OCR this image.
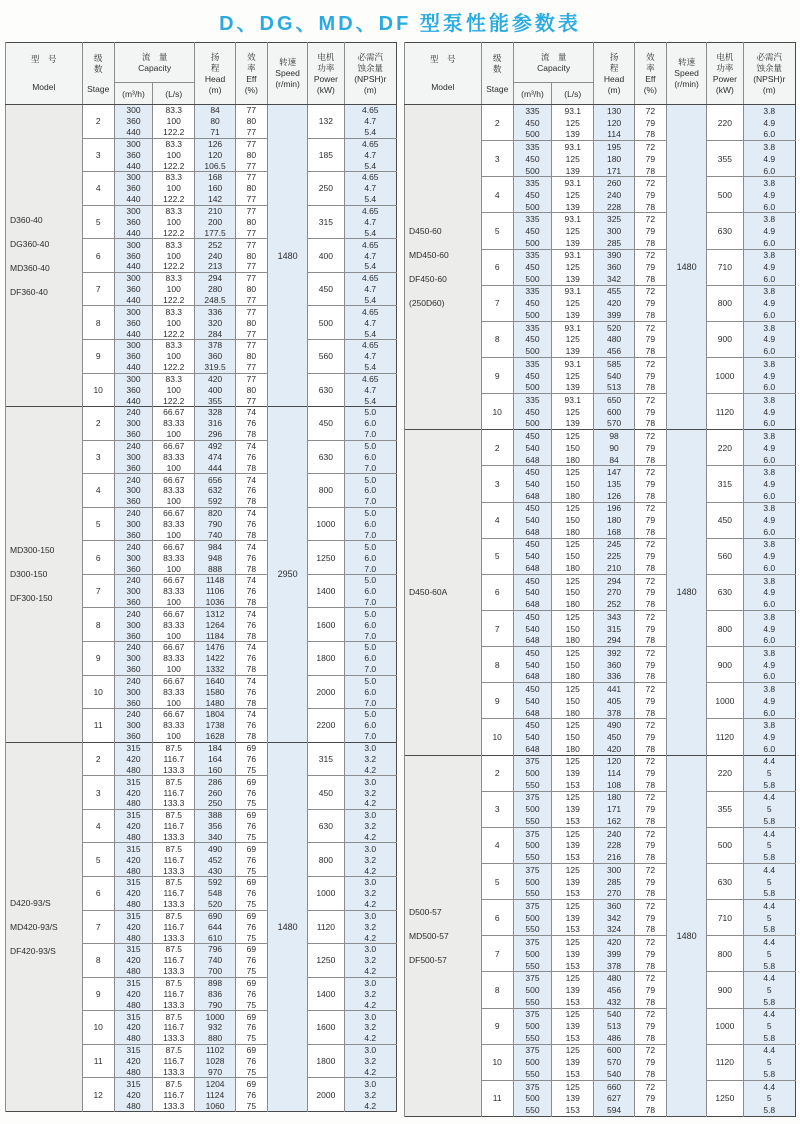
D、DG、MD、DF 型泵性能参数表
型　号
Model

级
数
Stage

流　量
Capacity

扬
程
Head
(m)

效
率
Eff
(%)

转速
Speed
(r/min)

电机
功率
Power
(kW)

必需汽
蚀余量
(NPSH)r
(m)

		(m³/h)	(L/s)					

D360-40
DG360-40
MD360-40
DF360-40	2	300	83.3	84	77	1480	132	4.65
		360	100	80	80			4.7
		440	122.2	71	77			5.4
	3	300	83.3	126	77		185	4.65
		360	100	120	80			4.7
		440	122.2	106.5	77			5.4
	4	300	83.3	168	77		250	4.65
		360	100	160	80			4.7
		440	122.2	142	77			5.4
	5	300	83.3	210	77		315	4.65
		360	100	200	80			4.7
		440	122.2	177.5	77			5.4
	6	300	83.3	252	77		400	4.65
		360	100	240	80			4.7
		440	122.2	213	77			5.4
	7	300	83.3	294	77		450	4.65
		360	100	280	80			4.7
		440	122.2	248.5	77			5.4
	8	300	83.3	336	77		500	4.65
		360	100	320	80			4.7
		440	122.2	284	77			5.4
	9	300	83.3	378	77		560	4.65
		360	100	360	80			4.7
		440	122.2	319.5	77			5.4
	10	300	83.3	420	77		630	4.65
		360	100	400	80			4.7
		440	122.2	355	77			5.4

MD300-150
D300-150
DF300-150	2	240	66.67	328	74	2950	450	5.0
		300	83.33	316	76			6.0
		360	100	296	78			7.0
	3	240	66.67	492	74		630	5.0
		300	83.33	474	76			6.0
		360	100	444	78			7.0
	4	240	66.67	656	74		800	5.0
		300	83.33	632	76			6.0
		360	100	592	78			7.0
	5	240	66.67	820	74		1000	5.0
		300	83.33	790	76			6.0
		360	100	740	78			7.0
	6	240	66.67	984	74		1250	5.0
		300	83.33	948	76			6.0
		360	100	888	78			7.0
	7	240	66.67	1148	74		1400	5.0
		300	83.33	1106	76			6.0
		360	100	1036	78			7.0
	8	240	66.67	1312	74		1600	5.0
		300	83.33	1264	76			6.0
		360	100	1184	78			7.0
	9	240	66.67	1476	74		1800	5.0
		300	83.33	1422	76			6.0
		360	100	1332	78			7.0
	10	240	66.67	1640	74		2000	5.0
		300	83.33	1580	76			6.0
		360	100	1480	78			7.0
	11	240	66.67	1804	74		2200	5.0
		300	83.33	1738	76			6.0
		360	100	1628	78			7.0

D420-93/S
MD420-93/S
DF420-93/S	2	315	87.5	184	69	1480	315	3.0
		420	116.7	164	76			3.2
		480	133.3	160	75			4.2
	3	315	87.5	286	69		450	3.0
		420	116.7	260	76			3.2
		480	133.3	250	75			4.2
	4	315	87.5	388	69		630	3.0
		420	116.7	356	76			3.2
		480	133.3	340	75			4.2
	5	315	87.5	490	69		800	3.0
		420	116.7	452	76			3.2
		480	133.3	430	75			4.2
	6	315	87.5	592	69		1000	3.0
		420	116.7	548	76			3.2
		480	133.3	520	75			4.2
	7	315	87.5	690	69		1120	3.0
		420	116.7	644	76			3.2
		480	133.3	610	75			4.2
	8	315	87.5	796	69		1250	3.0
		420	116.7	740	76			3.2
		480	133.3	700	75			4.2
	9	315	87.5	898	69		1400	3.0
		420	116.7	836	76			3.2
		480	133.3	790	75			4.2
	10	315	87.5	1000	69		1600	3.0
		420	116.7	932	76			3.2
		480	133.3	880	75			4.2
	11	315	87.5	1102	69		1800	3.0
		420	116.7	1028	76			3.2
		480	133.3	970	75			4.2
	12	315	87.5	1204	69		2000	3.0
		420	116.7	1124	76			3.2
		480	133.3	1060	75			4.2
型　号
Model

级
数
Stage

流　量
Capacity

扬
程
Head
(m)

效
率
Eff
(%)

转速
Speed
(r/min)

电机
功率
Power
(kW)

必需汽
蚀余量
(NPSH)r
(m)

		(m³/h)	(L/s)					

D450-60
MD450-60
DF450-60
(250D60)	2	335	93.1	130	72	1480	220	3.8
		450	125	120	79			4.9
		500	139	114	78			6.0
	3	335	93.1	195	72		355	3.8
		450	125	180	79			4.9
		500	139	171	78			6.0
	4	335	93.1	260	72		500	3.8
		450	125	240	79			4.9
		500	139	228	78			6.0
	5	335	93.1	325	72		630	3.8
		450	125	300	79			4.9
		500	139	285	78			6.0
	6	335	93.1	390	72		710	3.8
		450	125	360	79			4.9
		500	139	342	78			6.0
	7	335	93.1	455	72		800	3.8
		450	125	420	79			4.9
		500	139	399	78			6.0
	8	335	93.1	520	72		900	3.8
		450	125	480	79			4.9
		500	139	456	78			6.0
	9	335	93.1	585	72		1000	3.8
		450	125	540	79			4.9
		500	139	513	78			6.0
	10	335	93.1	650	72		1120	3.8
		450	125	600	79			4.9
		500	139	570	78			6.0

D450-60A	2	450	125	98	72	1480	220	3.8
		540	150	90	79			4.9
		648	180	84	78			6.0
	3	450	125	147	72		315	3.8
		540	150	135	79			4.9
		648	180	126	78			6.0
	4	450	125	196	72		450	3.8
		540	150	180	79			4.9
		648	180	168	78			6.0
	5	450	125	245	72		560	3.8
		540	150	225	79			4.9
		648	180	210	78			6.0
	6	450	125	294	72		630	3.8
		540	150	270	79			4.9
		648	180	252	78			6.0
	7	450	125	343	72		800	3.8
		540	150	315	79			4.9
		648	180	294	78			6.0
	8	450	125	392	72		900	3.8
		540	150	360	79			4.9
		648	180	336	78			6.0
	9	450	125	441	72		1000	3.8
		540	150	405	79			4.9
		648	180	378	78			6.0
	10	450	125	490	72		1120	3.8
		540	150	450	79			4.9
		648	180	420	78			6.0

D500-57
MD500-57
DF500-57	2	375	125	120	72	1480	220	4.4
		500	139	114	79			5
		550	153	108	78			5.8
	3	375	125	180	72		355	4.4
		500	139	171	79			5
		550	153	162	78			5.8
	4	375	125	240	72		500	4.4
		500	139	228	79			5
		550	153	216	78			5.8
	5	375	125	300	72		630	4.4
		500	139	285	79			5
		550	153	270	78			5.8
	6	375	125	360	72		710	4.4
		500	139	342	79			5
		550	153	324	78			5.8
	7	375	125	420	72		800	4.4
		500	139	399	79			5
		550	153	378	78			5.8
	8	375	125	480	72		900	4.4
		500	139	456	79			5
		550	153	432	78			5.8
	9	375	125	540	72		1000	4.4
		500	139	513	79			5
		550	153	486	78			5.8
	10	375	125	600	72		1120	4.4
		500	139	570	79			5
		550	153	540	78			5.8
	11	375	125	660	72		1250	4.4
		500	139	627	79			5
		550	153	594	78			5.8
